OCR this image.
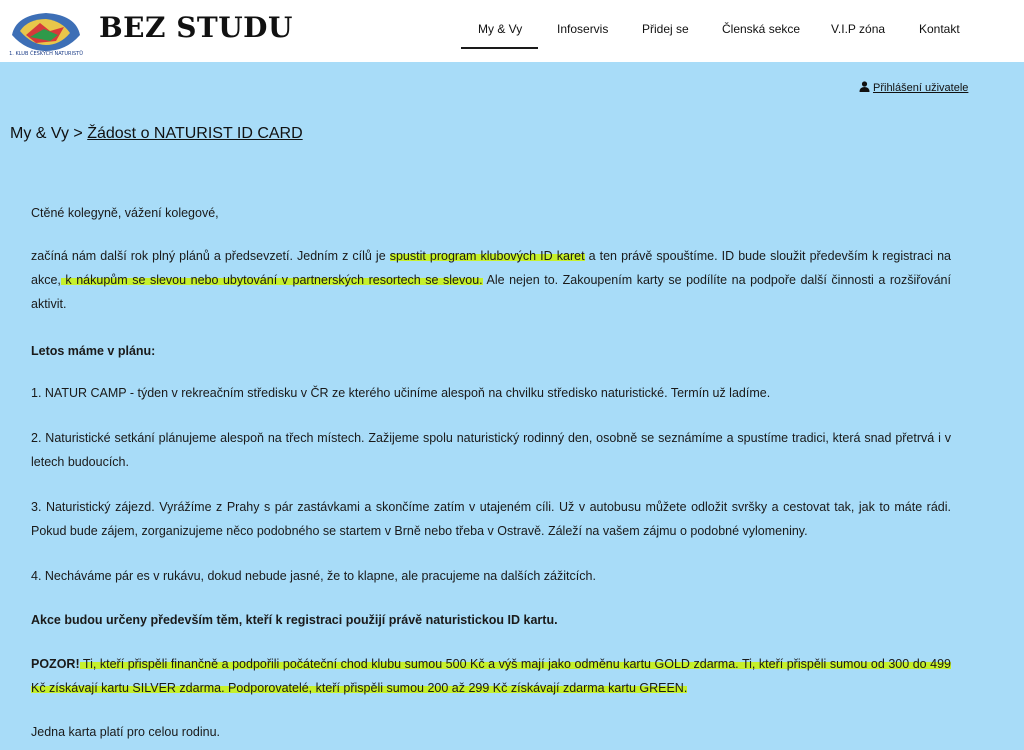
1. KLUB ČESKÝCH NATURISTŮ
BEZ STUDU	My & Vy	Infoservis	Přidej se	Členská sekce	V.I.P zóna	Kontakt
Přihlášení uživatele
My & Vy > Žádost o NATURIST ID CARD
Ctěné kolegyně, vážení kolegové,
začíná nám další rok plný plánů a předsevzetí. Jedním z cílů je spustit program klubových ID karet a ten právě spouštíme. ID bude sloužit především k registraci na akce, k nákupům se slevou nebo ubytování v partnerských resortech se slevou. Ale nejen to. Zakoupením karty se podílíte na podpoře další činnosti a rozšiřování aktivit.
Letos máme v plánu:
1. NATUR CAMP - týden v rekreačním středisku v ČR ze kterého učiníme alespoň na chvilku středisko naturistické. Termín už ladíme.
2. Naturistické setkání plánujeme alespoň na třech místech. Zažijeme spolu naturistický rodinný den, osobně se seznámíme a spustíme tradici, která snad přetrvá i v letech budoucích.
3. Naturistický zájezd. Vyrážíme z Prahy s pár zastávkami a skončíme zatím v utajeném cíli. Už v autobusu můžete odložit svršky a cestovat tak, jak to máte rádi. Pokud bude zájem, zorganizujeme něco podobného se startem v Brně nebo třeba v Ostravě. Záleží na vašem zájmu o podobné vylomeniny.
4. Necháváme pár es v rukávu, dokud nebude jasné, že to klapne, ale pracujeme na dalších zážitcích.
Akce budou určeny především těm, kteří k registraci použijí právě naturistickou ID kartu.
POZOR! Ti, kteří přispěli finančně a podpořili počáteční chod klubu sumou 500 Kč a výš mají jako odměnu kartu GOLD zdarma. Ti, kteří přispěli sumou od 300 do 499 Kč získávají kartu SILVER zdarma. Podporovatelé, kteří přispěli sumou 200 až 299 Kč získávají zdarma kartu GREEN.
Jedna karta platí pro celou rodinu.
